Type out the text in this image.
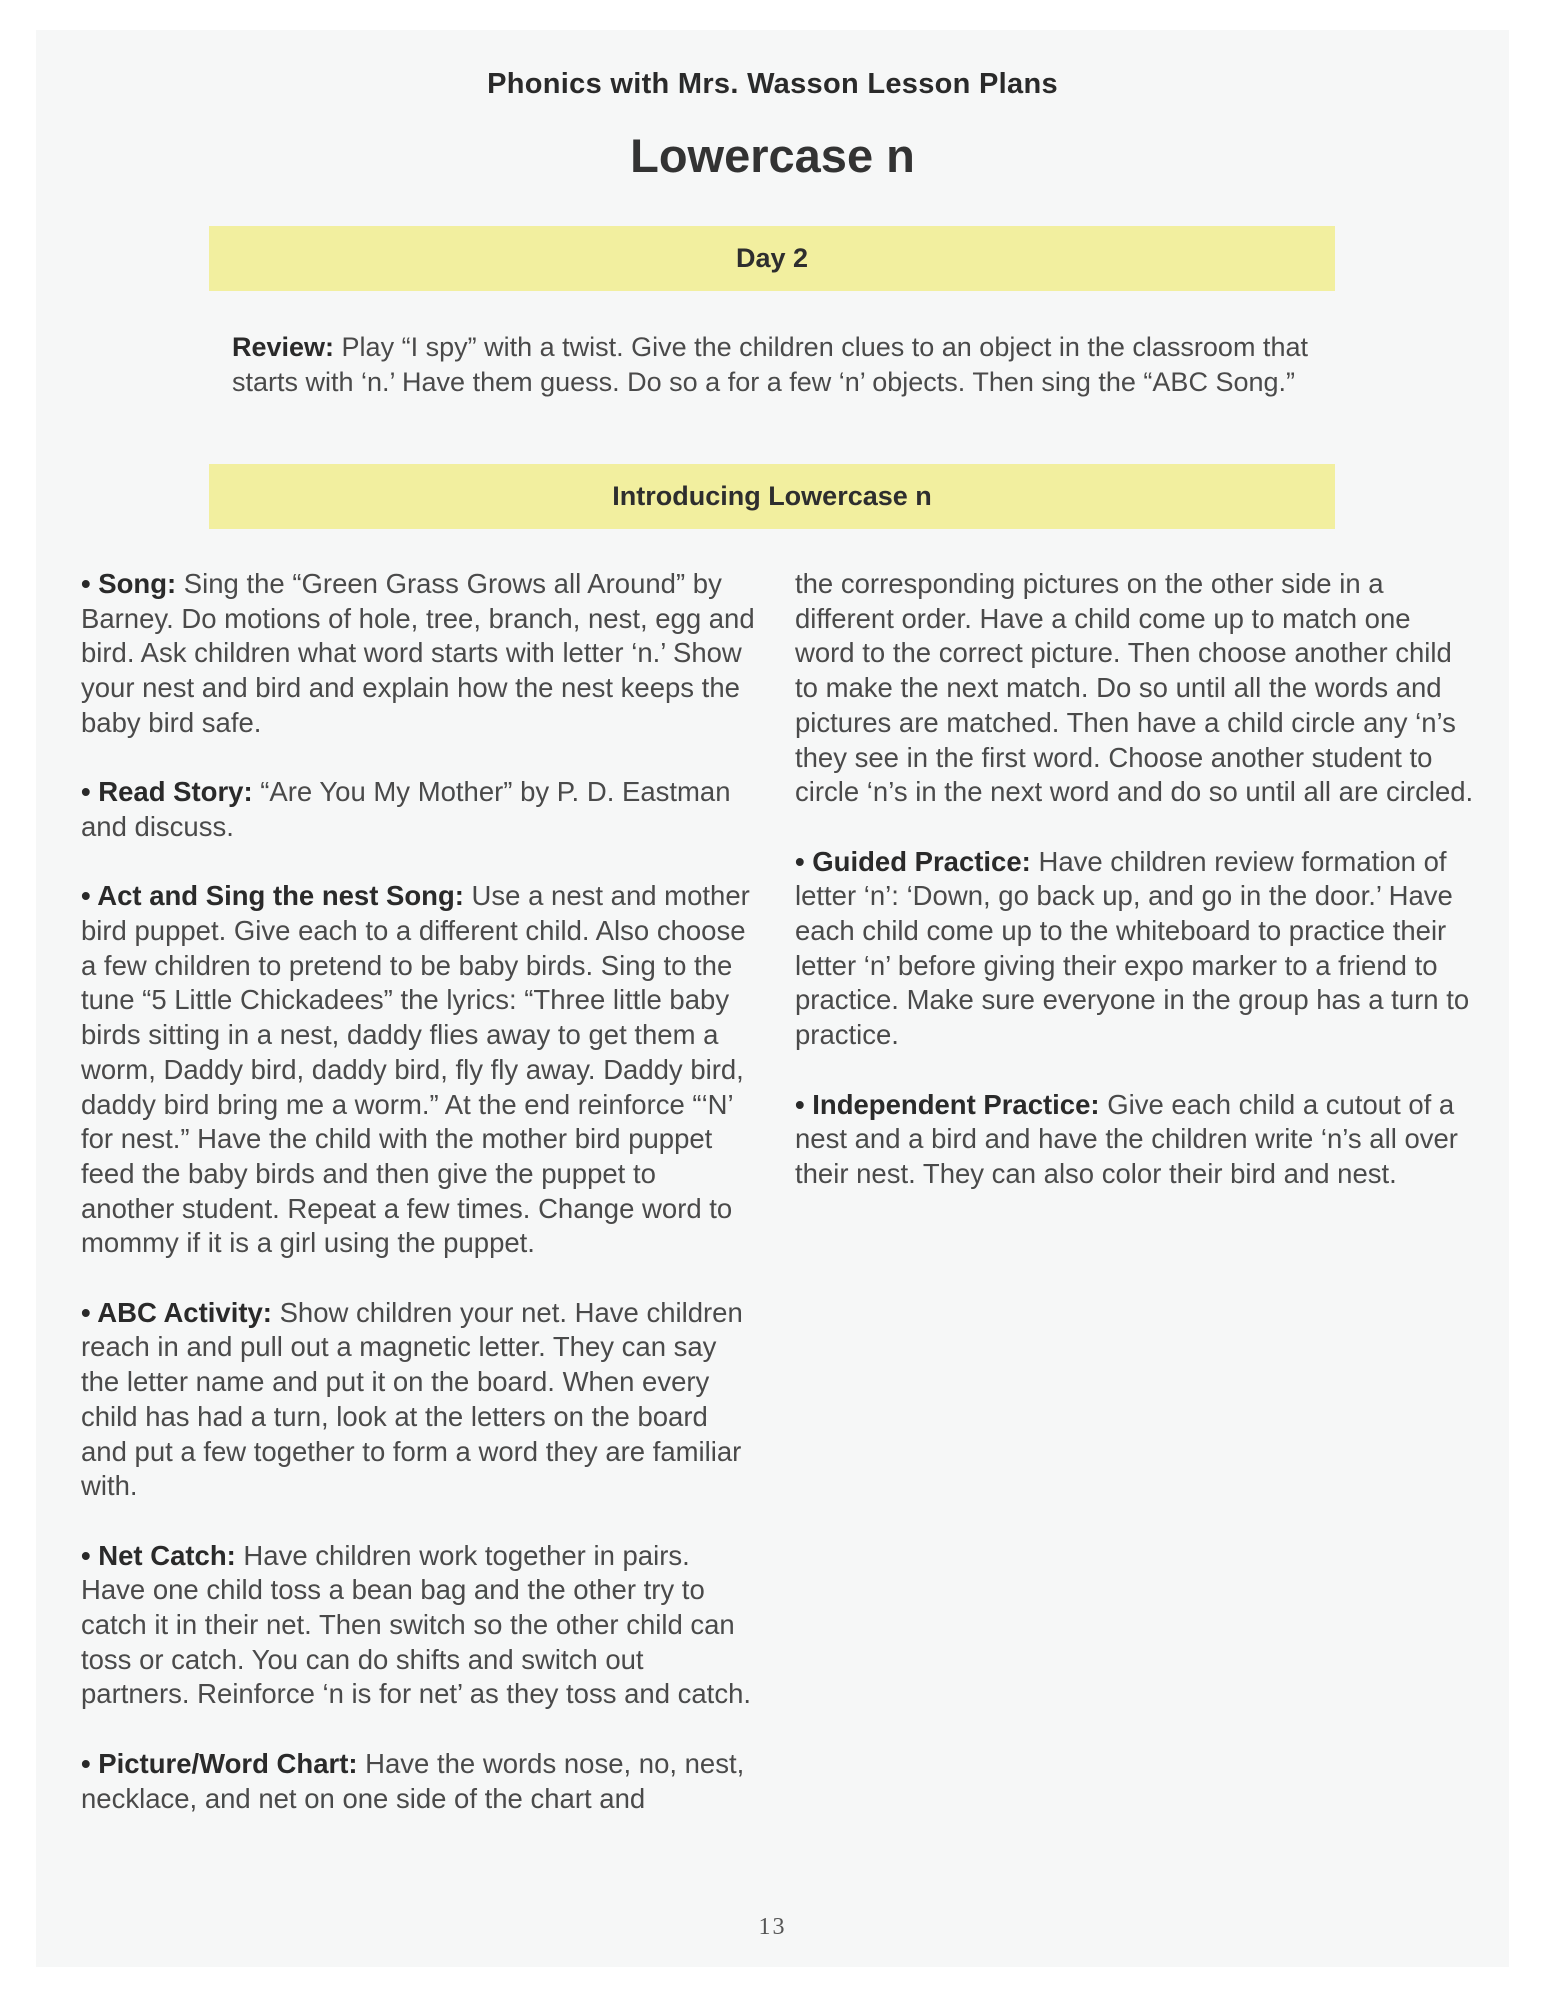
Phonics with Mrs. Wasson Lesson Plans
Lowercase n
Day 2
Review: Play “I spy” with a twist. Give the children clues to an object in the classroom that starts with ‘n.’ Have them guess. Do so a for a few ‘n’ objects. Then sing the “ABC Song.”
Introducing Lowercase n
• Song: Sing the “Green Grass Grows all Around” by Barney. Do motions of hole, tree, branch, nest, egg and bird. Ask children what word starts with letter ‘n.’ Show your nest and bird and explain how the nest keeps the baby bird safe.
• Read Story: “Are You My Mother” by P. D. Eastman and discuss.
• Act and Sing the nest Song: Use a nest and mother bird puppet. Give each to a different child. Also choose a few children to pretend to be baby birds. Sing to the tune “5 Little Chickadees” the lyrics: “Three little baby birds sitting in a nest, daddy flies away to get them a worm, Daddy bird, daddy bird, fly fly away. Daddy bird, daddy bird bring me a worm.” At the end reinforce “‘N’ for nest.” Have the child with the mother bird puppet feed the baby birds and then give the puppet to another student. Repeat a few times. Change word to mommy if it is a girl using the puppet.
• ABC Activity: Show children your net. Have children reach in and pull out a magnetic letter. They can say the letter name and put it on the board. When every child has had a turn, look at the letters on the board and put a few together to form a word they are familiar with.
• Net Catch: Have children work together in pairs. Have one child toss a bean bag and the other try to catch it in their net. Then switch so the other child can toss or catch. You can do shifts and switch out partners. Reinforce ‘n is for net’ as they toss and catch.
• Picture/Word Chart: Have the words nose, no, nest, necklace, and net on one side of the chart and
the corresponding pictures on the other side in a different order. Have a child come up to match one word to the correct picture. Then choose another child to make the next match. Do so until all the words and pictures are matched. Then have a child circle any ‘n’s they see in the first word. Choose another student to circle ‘n’s in the next word and do so until all are circled.
• Guided Practice: Have children review formation of letter ‘n’: ‘Down, go back up, and go in the door.’ Have each child come up to the whiteboard to practice their letter ‘n’ before giving their expo marker to a friend to practice. Make sure everyone in the group has a turn to practice.
• Independent Practice: Give each child a cutout of a nest and a bird and have the children write ‘n’s all over their nest. They can also color their bird and nest.
13
